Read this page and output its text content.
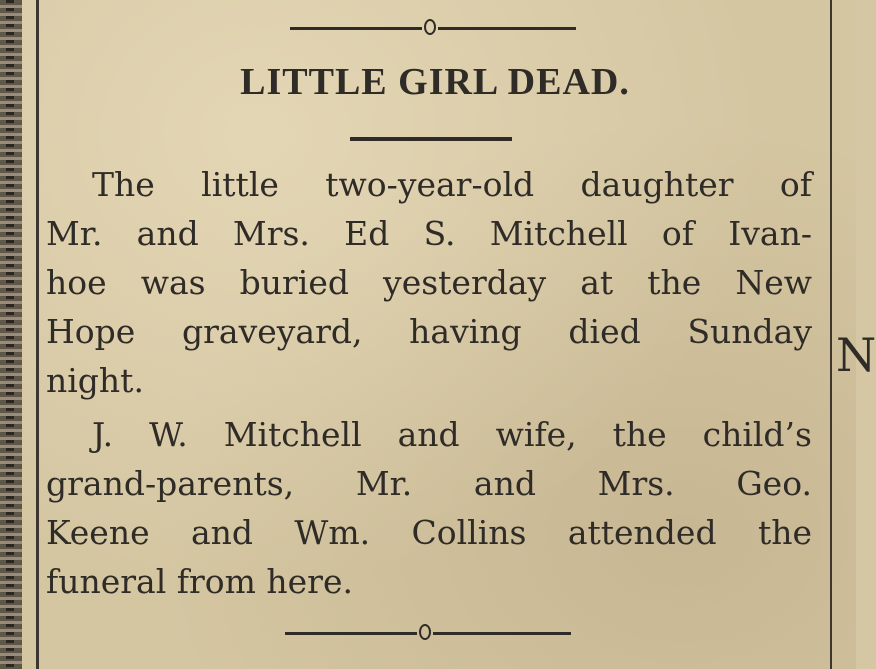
N
LITTLE GIRL DEAD.
The little two-year-old daughter of
Mr. and Mrs. Ed S. Mitchell of Ivan-
hoe was buried yesterday at the New
Hope graveyard, having died Sunday
night.
J. W. Mitchell and wife, the child’s
grand-parents, Mr. and Mrs. Geo.
Keene and Wm. Collins attended the
funeral from here.
